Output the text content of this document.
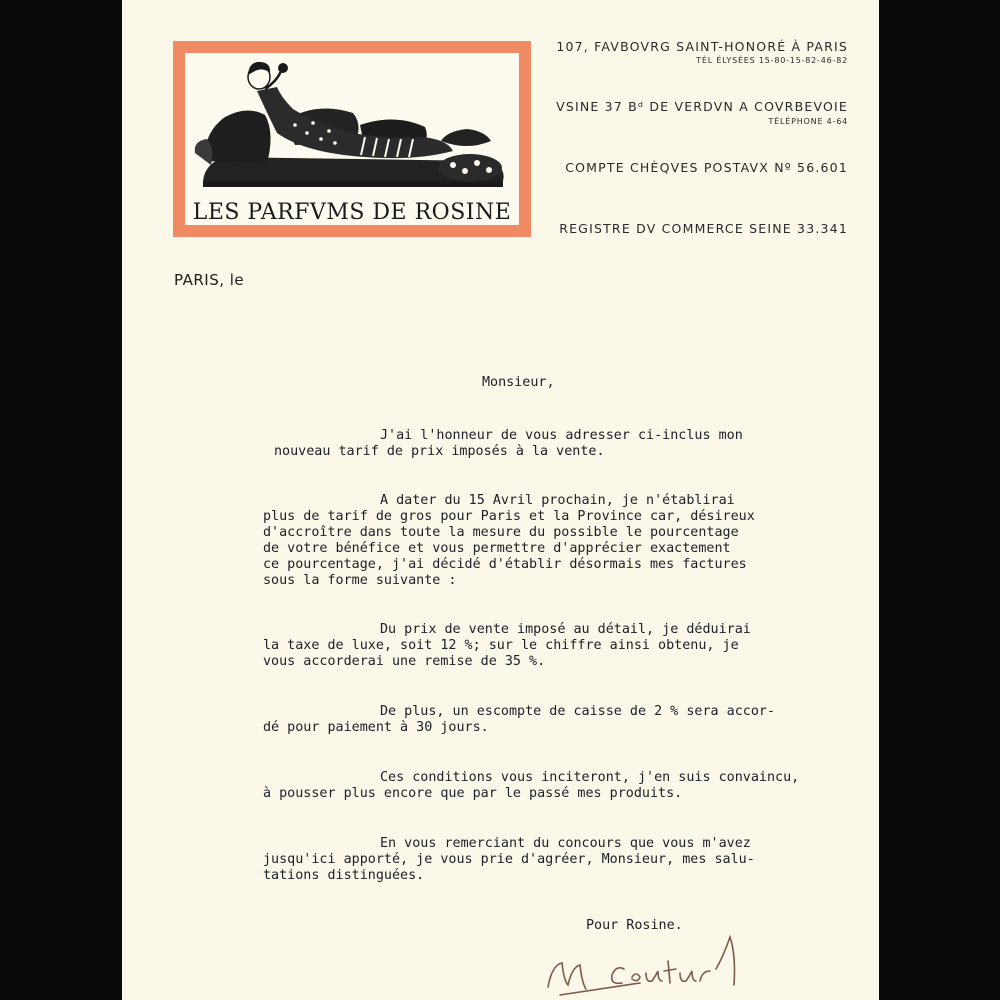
LES PARFVMS DE ROSINE
107, FAVBOVRG SAINT-HONORÉ À PARIS
TÉL ÉLYSÉES 15-80-15-82-46-82
VSINE 37 Bᵈ DE VERDVN A COVRBEVOIE
TÉLÉPHONE 4-64
COMPTE CHÈQVES POSTAVX Nº 56.601
REGISTRE DV COMMERCE SEINE 33.341
PARIS, le
Monsieur,
J'ai l'honneur de vous adresser ci-inclus mon
nouveau tarif de prix imposés à la vente.
A dater du 15 Avril prochain, je n'établirai
plus de tarif de gros pour Paris et la Province car, désireux
d'accroître dans toute la mesure du possible le pourcentage
de votre bénéfice et vous permettre d'apprécier exactement
ce pourcentage, j'ai décidé d'établir désormais mes factures
sous la forme suivante :
Du prix de vente imposé au détail, je déduirai
la taxe de luxe, soit 12 %; sur le chiffre ainsi obtenu, je
vous accorderai une remise de 35 %.
De plus, un escompte de caisse de 2 % sera accor-
dé pour paiement à 30 jours.
Ces conditions vous inciteront, j'en suis convaincu,
à pousser plus encore que par le passé mes produits.
En vous remerciant du concours que vous m'avez
jusqu'ici apporté, je vous prie d'agréer, Monsieur, mes salu-
tations distinguées.
Pour Rosine.
